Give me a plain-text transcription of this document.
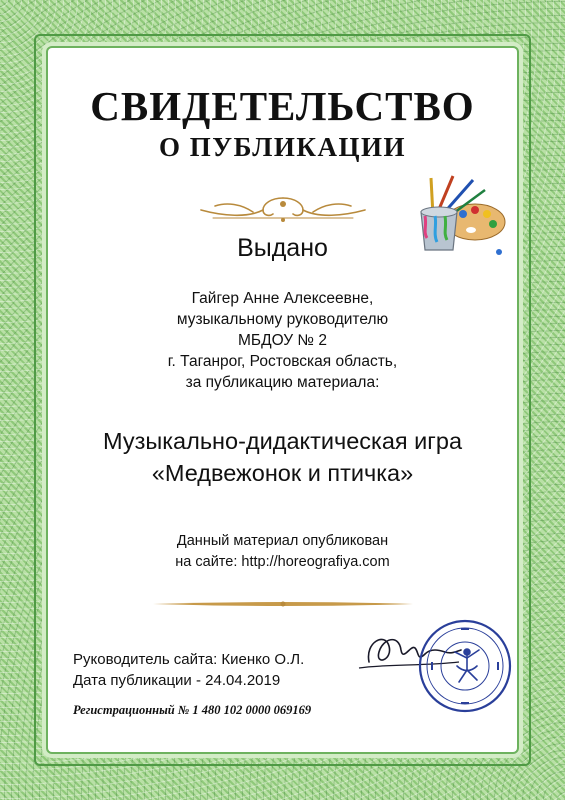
СВИДЕТЕЛЬСТВО
О ПУБЛИКАЦИИ
Выдано
Гайгер Анне Алексеевне,
музыкальному руководителю
МБДОУ № 2
г. Таганрог, Ростовская область,
за публикацию материала:
Музыкально-дидактическая игра
«Медвежонок и птичка»
Данный материал опубликован
на сайте: http://horeografiya.com
Руководитель сайта: Киенко О.Л.
Дата публикации - 24.04.2019
Регистрационный № 1 480 102 0000 069169
